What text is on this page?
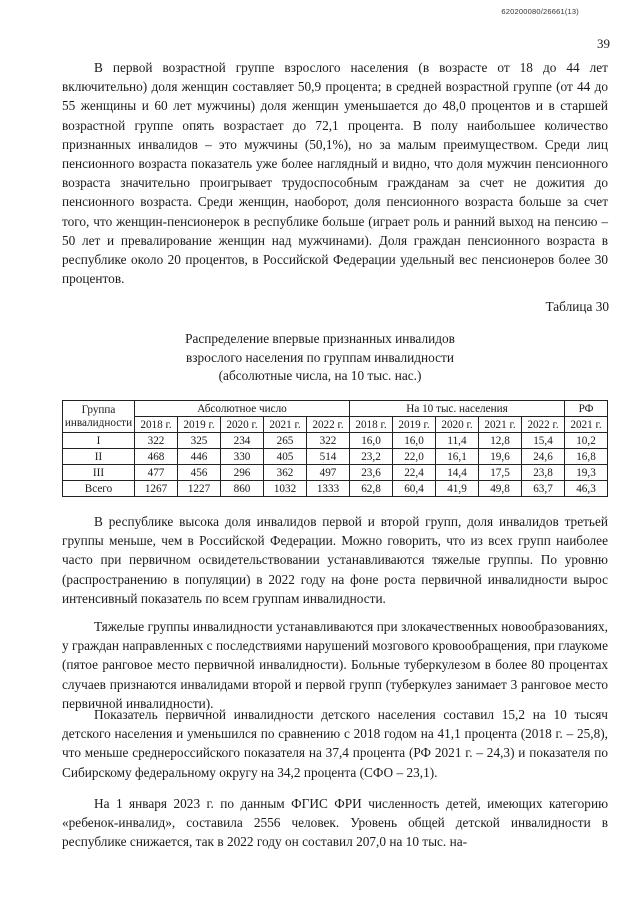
620200080/26661(13)
39

В первой возрастной группе взрослого населения (в возрасте от 18 до 44 лет включительно) доля женщин составляет 50,9 процента; в средней возрастной группе (от 44 до 55 женщины и 60 лет мужчины) доля женщин уменьшается до 48,0 процентов и в старшей возрастной группе опять возрастает до 72,1 процента. В полу наибольшее количество признанных инвалидов – это мужчины (50,1%), но за малым преимуществом. Среди лиц пенсионного возраста показатель уже более наглядный и видно, что доля мужчин пенсионного возраста значительно проигрывает трудоспособным гражданам за счет не дожития до пенсионного возраста. Среди женщин, наоборот, доля пенсионного возраста больше за счет того, что женщин-пенсионерок в республике больше (играет роль и ранний выход на пенсию – 50 лет и превалирование женщин над мужчинами). Доля граждан пенсионного возраста в республике около 20 процентов, в Российской Федерации удельный вес пенсионеров более 30 процентов.

Таблица 30
Распределение впервые признанных инвалидов
взрослого населения по группам инвалидности
(абсолютные числа, на 10 тыс. нас.)
Группа инвалидности	Абсолютное число					На 10 тыс. населения					РФ
	2018 г.	2019 г.	2020 г.	2021 г.	2022 г.	2018 г.	2019 г.	2020 г.	2021 г.	2022 г.	2021 г.
I	322	325	234	265	322	16,0	16,0	11,4	12,8	15,4	10,2
II	468	446	330	405	514	23,2	22,0	16,1	19,6	24,6	16,8
III	477	456	296	362	497	23,6	22,4	14,4	17,5	23,8	19,3
Всего	1267	1227	860	1032	1333	62,8	60,4	41,9	49,8	63,7	46,3

В республике высока доля инвалидов первой и второй групп, доля инвалидов третьей группы меньше, чем в Российской Федерации. Можно говорить, что из всех групп наиболее часто при первичном освидетельствовании устанавливаются тяжелые группы. По уровню (распространению в популяции) в 2022 году на фоне роста первичной инвалидности вырос интенсивный показатель по всем группам инвалидности.

Тяжелые группы инвалидности устанавливаются при злокачественных новообразованиях, у граждан направленных с последствиями нарушений мозгового кровообращения, при глаукоме (пятое ранговое место первичной инвалидности). Больные туберкулезом в более 80 процентах случаев признаются инвалидами второй и первой групп (туберкулез занимает 3 ранговое место первичной инвалидности).

Показатель первичной инвалидности детского населения составил 15,2 на 10 тысяч детского населения и уменьшился по сравнению с 2018 годом на 41,1 процента (2018 г. – 25,8), что меньше среднероссийского показателя на 37,4 процента (РФ 2021 г. – 24,3) и показателя по Сибирскому федеральному округу на 34,2 процента (СФО – 23,1).

На 1 января 2023 г. по данным ФГИС ФРИ численность детей, имеющих категорию «ребенок-инвалид», составила 2556 человек. Уровень общей детской инвалидности в республике снижается, так в 2022 году он составил 207,0 на 10 тыс. на-
